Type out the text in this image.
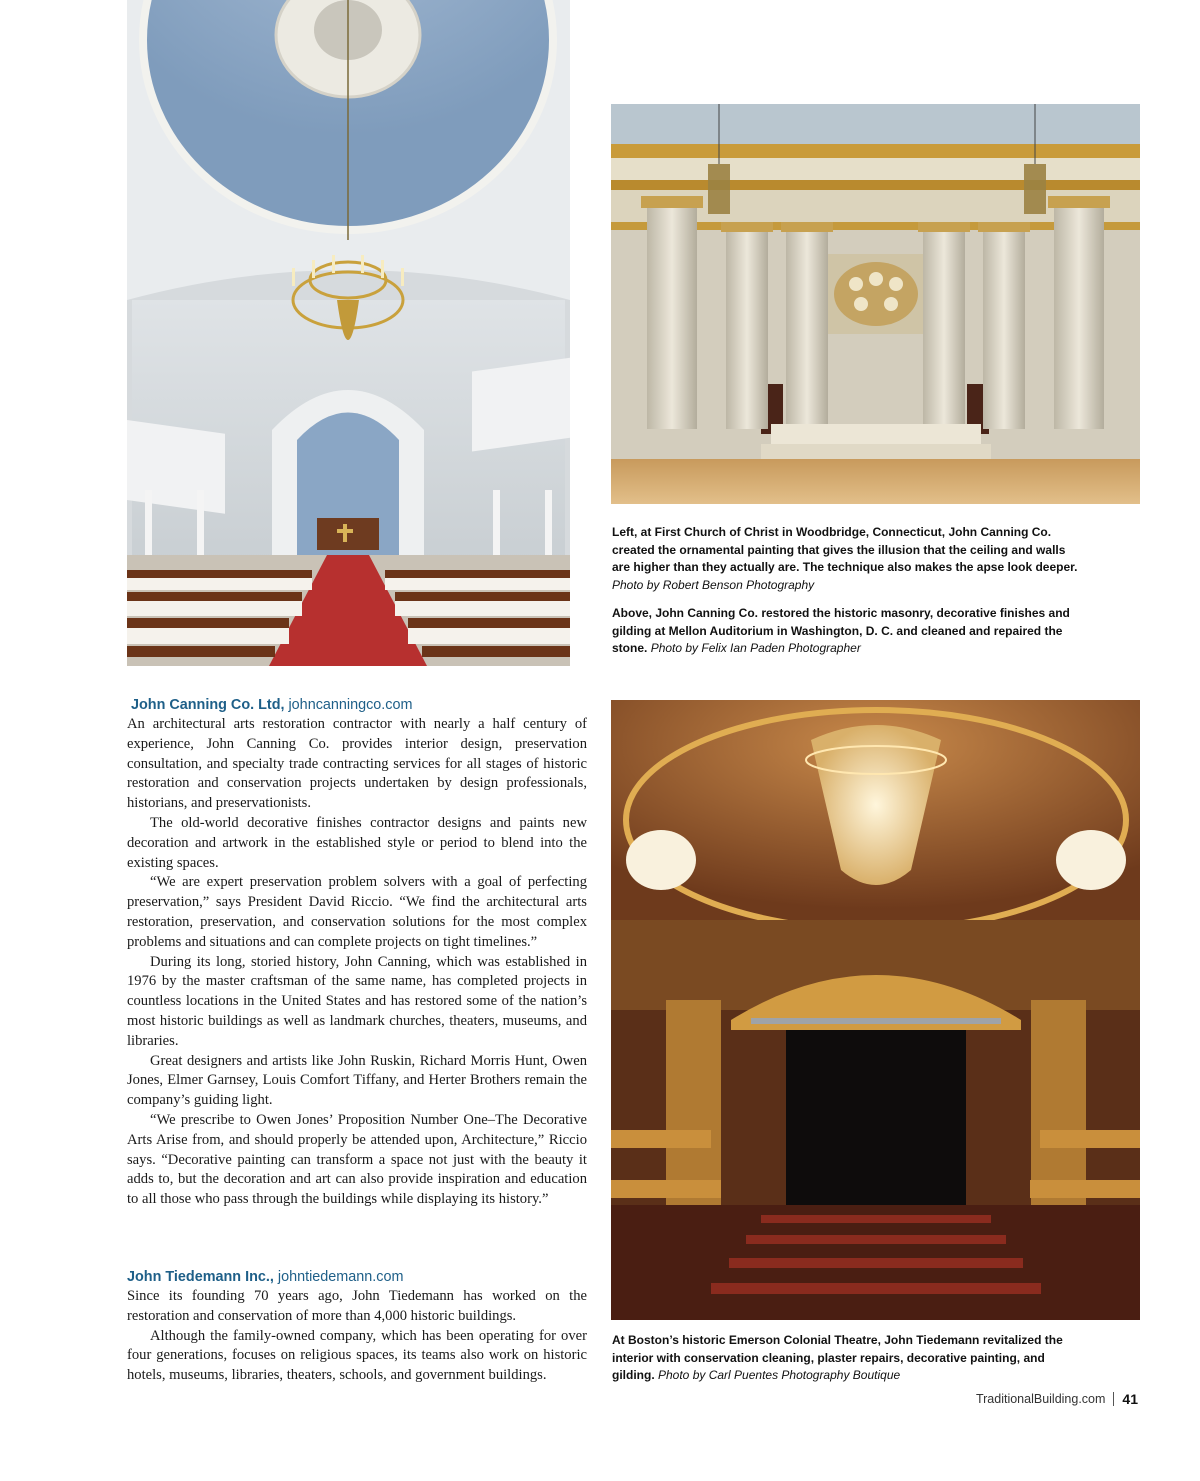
Left, at First Church of Christ in Woodbridge, Connecticut, John Canning Co. created the ornamental painting that gives the illusion that the ceiling and walls are higher than they actually are. The technique also makes the apse look deeper. Photo by Robert Benson Photography
Above, John Canning Co. restored the historic masonry, decorative finishes and gilding at Mellon Auditorium in Washington, D. C. and cleaned and repaired the stone. Photo by Felix Ian Paden Photographer
At Boston’s historic Emerson Colonial Theatre, John Tiedemann revitalized the interior with conservation cleaning, plaster repairs, decorative painting, and gilding. Photo by Carl Puentes Photography Boutique
John Canning Co. Ltd, johncanningco.com

An architectural arts restoration contractor with nearly a half century of experience, John Canning Co. provides interior design, preservation consultation, and specialty trade contracting services for all stages of historic restoration and conservation projects undertaken by design professionals, historians, and preservationists.

The old-world decorative finishes contractor designs and paints new decoration and artwork in the established style or period to blend into the existing spaces.

“We are expert preservation problem solvers with a goal of perfecting preservation,” says President David Riccio. “We find the architectural arts restoration, preservation, and conservation solutions for the most complex problems and situations and can complete projects on tight timelines.”

During its long, storied history, John Canning, which was established in 1976 by the master craftsman of the same name, has completed projects in countless locations in the United States and has restored some of the nation’s most historic buildings as well as landmark churches, theaters, museums, and libraries.

Great designers and artists like John Ruskin, Richard Morris Hunt, Owen Jones, Elmer Garnsey, Louis Comfort Tiffany, and Herter Brothers remain the company’s guiding light.

“We prescribe to Owen Jones’ Proposition Number One–The Decorative Arts Arise from, and should properly be attended upon, Architecture,” Riccio says. “Decorative painting can transform a space not just with the beauty it adds to, but the decoration and art can also provide inspiration and education to all those who pass through the buildings while displaying its history.”

John Tiedemann Inc., johntiedemann.com

Since its founding 70 years ago, John Tiedemann has worked on the restoration and conservation of more than 4,000 historic buildings.

Although the family-owned company, which has been operating for over four generations, focuses on religious spaces, its teams also work on historic hotels, museums, libraries, theaters, schools, and government buildings.

TraditionalBuilding.com 41
